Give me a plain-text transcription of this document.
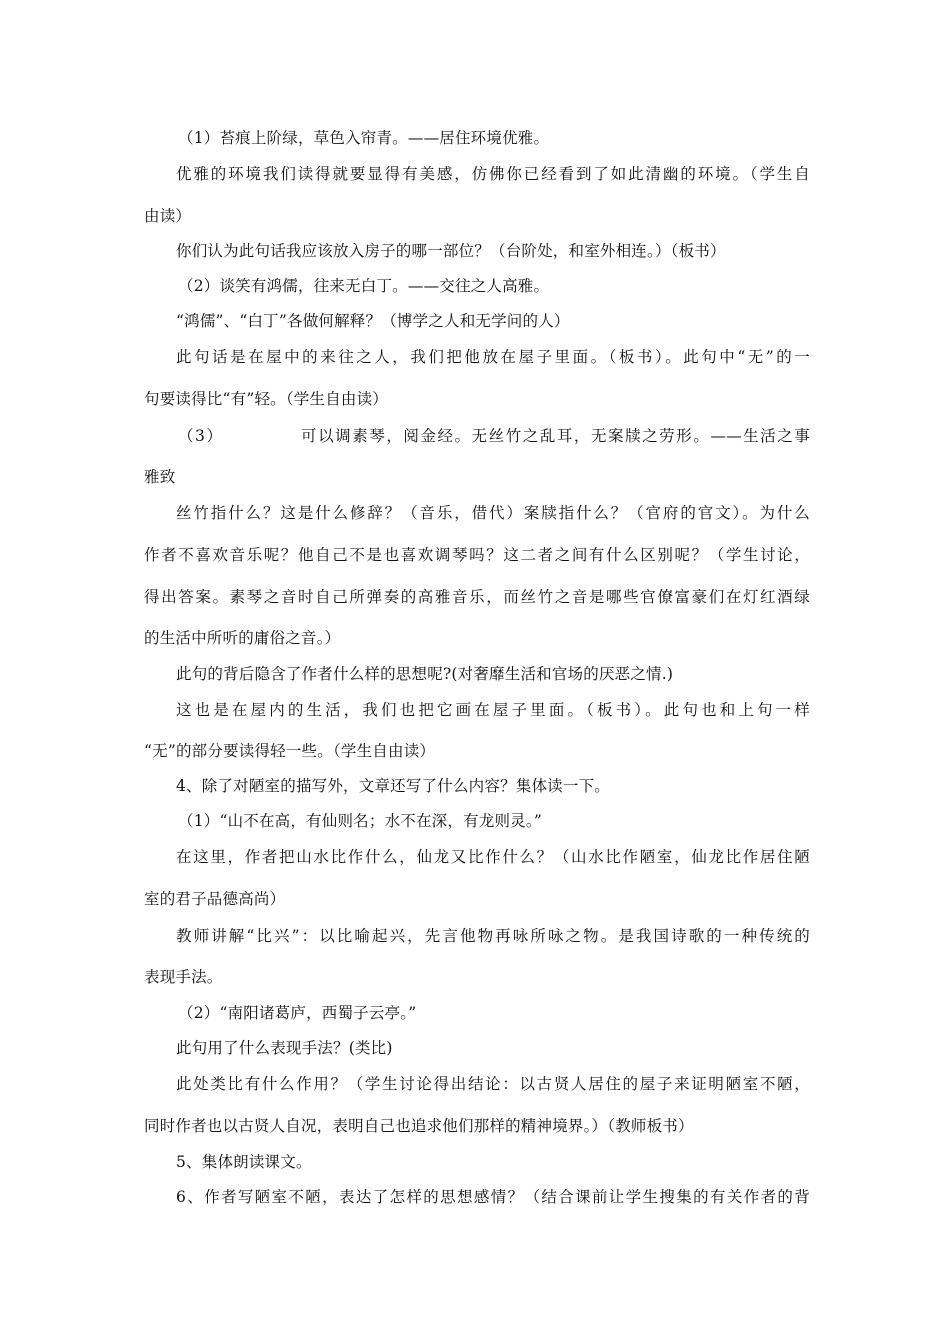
（1）苔痕上阶绿，草色入帘青。——居住环境优雅。
优雅的环境我们读得就要显得有美感，仿佛你已经看到了如此清幽的环境。（学生自
由读）
你们认为此句话我应该放入房子的哪一部位？（台阶处，和室外相连。）（板书）
（2）谈笑有鸿儒，往来无白丁。——交往之人高雅。
“鸿儒”、“白丁”各做何解释？（博学之人和无学问的人）
此句话是在屋中的来往之人，我们把他放在屋子里面。（板书）。此句中“无”的一
句要读得比“有”轻。（学生自由读）
（3）　　　　　可以调素琴，阅金经。无丝竹之乱耳，无案牍之劳形。——生活之事
雅致
丝竹指什么？这是什么修辞？（音乐，借代）案牍指什么？（官府的官文）。为什么
作者不喜欢音乐呢？他自己不是也喜欢调琴吗？这二者之间有什么区别呢？（学生讨论，
得出答案。素琴之音时自己所弹奏的高雅音乐，而丝竹之音是哪些官僚富豪们在灯红酒绿
的生活中所听的庸俗之音。）
此句的背后隐含了作者什么样的思想呢?(对奢靡生活和官场的厌恶之情.)
这也是在屋内的生活，我们也把它画在屋子里面。（板书）。此句也和上句一样
“无”的部分要读得轻一些。（学生自由读）
4、除了对陋室的描写外，文章还写了什么内容？集体读一下。
（1）“山不在高，有仙则名；水不在深，有龙则灵。”
在这里，作者把山水比作什么，仙龙又比作什么？（山水比作陋室，仙龙比作居住陋
室的君子品德高尚）
教师讲解“比兴”：以比喻起兴，先言他物再咏所咏之物。是我国诗歌的一种传统的
表现手法。
（2）“南阳诸葛庐，西蜀子云亭。”
此句用了什么表现手法？(类比)
此处类比有什么作用？（学生讨论得出结论：以古贤人居住的屋子来证明陋室不陋，
同时作者也以古贤人自况，表明自己也追求他们那样的精神境界。）（教师板书）
5、集体朗读课文。
6、作者写陋室不陋，表达了怎样的思想感情？（结合课前让学生搜集的有关作者的背
